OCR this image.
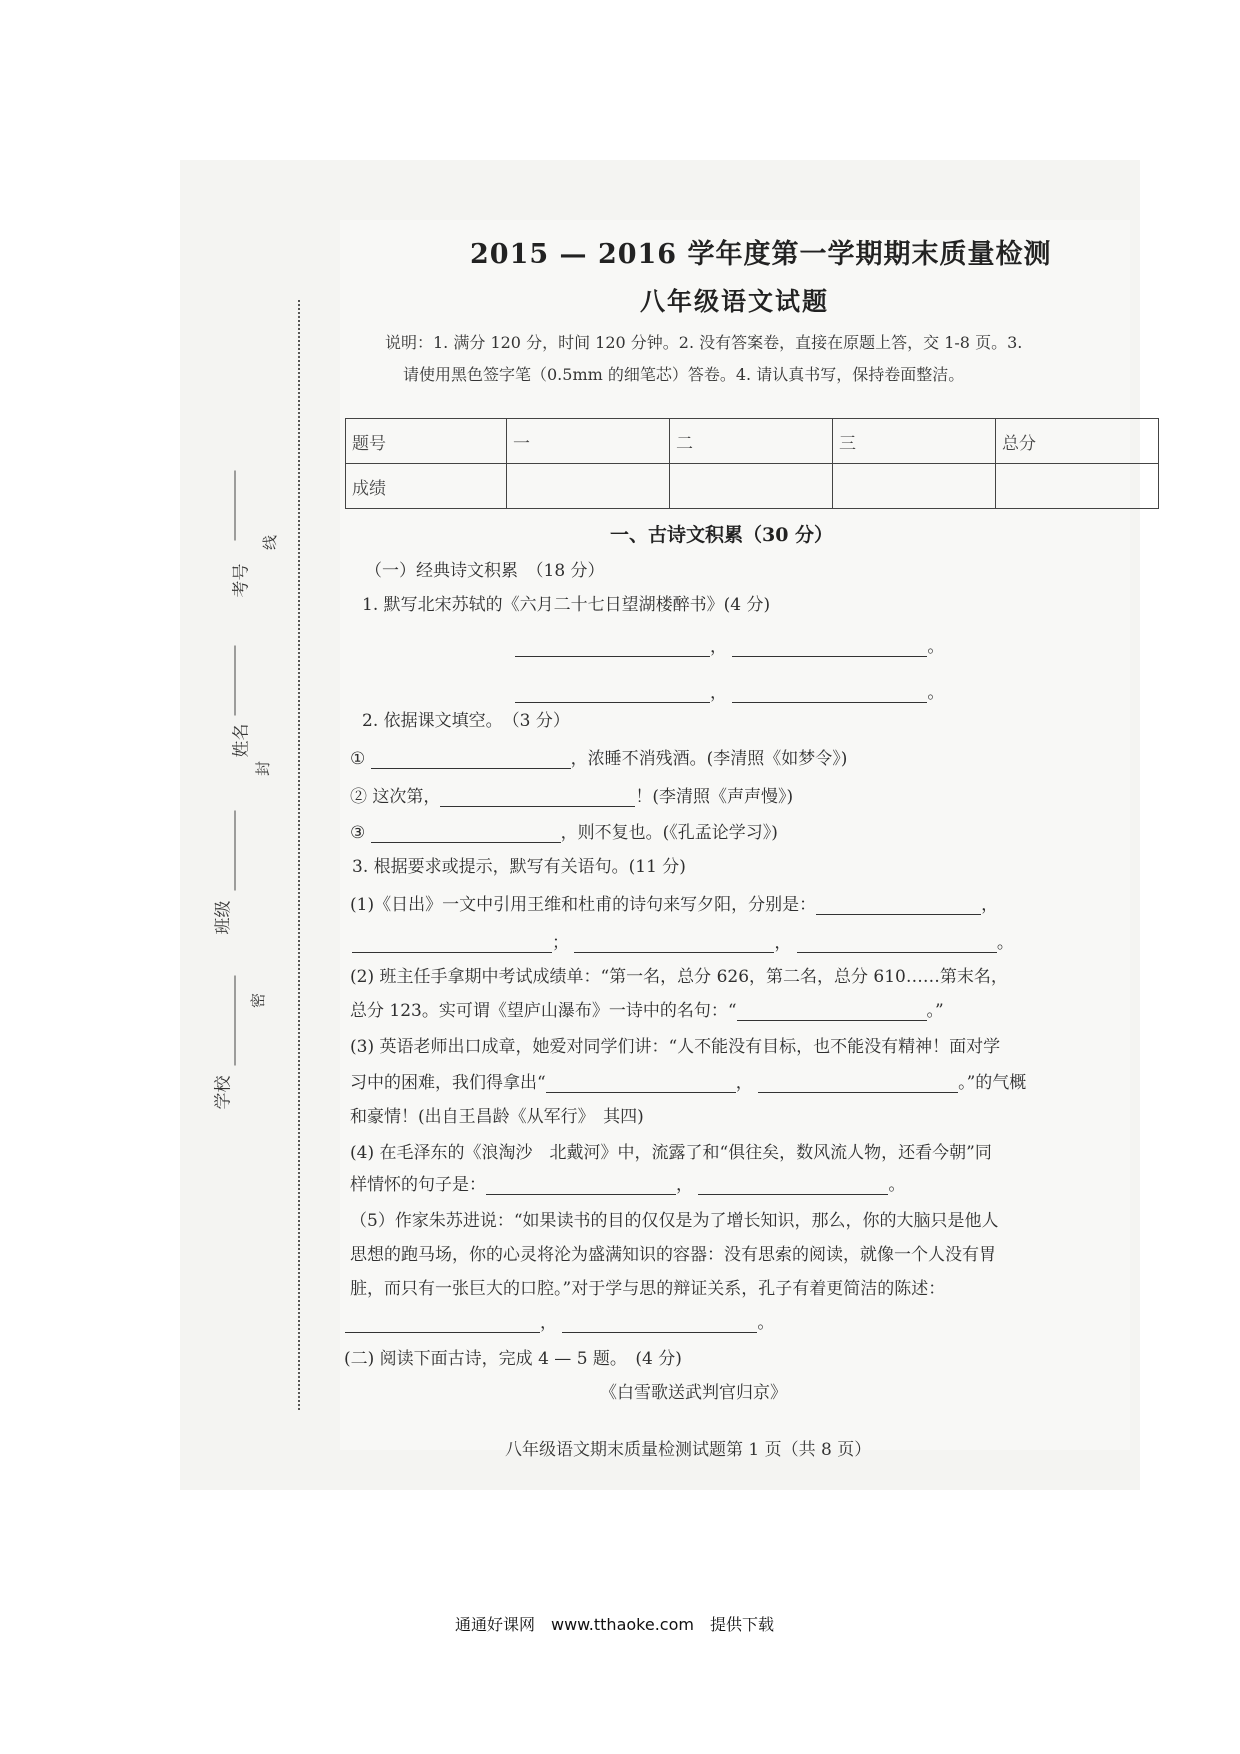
线
封
密
考号
姓名
班级
学校
2015 — 2016 学年度第一学期期末质量检测
八年级语文试题
说明：1. 满分 120 分，时间 120 分钟。2. 没有答案卷，直接在原题上答，交 1-8 页。3.
请使用黑色签字笔（0.5mm 的细笔芯）答卷。4. 请认真书写，保持卷面整洁。
题号	一	二	三	总分
成绩				
一、古诗文积累（30 分）
（一）经典诗文积累　（18 分）
1. 默写北宋苏轼的《六月二十七日望湖楼醉书》(4 分)
，	。
，	。
2. 依据课文填空。　（3 分）
①	，浓睡不消残酒。(李清照《如梦令》)
② 这次第，	！(李清照《声声慢》)
③	，则不复也。(《孔孟论学习》)
3. 根据要求或提示，默写有关语句。(11 分)
(1)《日出》一文中引用王维和杜甫的诗句来写夕阳，分别是：	，
；	，	。
(2) 班主任手拿期中考试成绩单：“第一名，总分 626，第二名，总分 610……第末名，
总分 123。实可谓《望庐山瀑布》一诗中的名句：“	。”
(3) 英语老师出口成章，她爱对同学们讲：“人不能没有目标，也不能没有精神！面对学
习中的困难，我们得拿出“	，	。”的气概
和豪情！(出自王昌龄《从军行》　其四)
(4) 在毛泽东的《浪淘沙　北戴河》中，流露了和“俱往矣，数风流人物，还看今朝”同
样情怀的句子是：	，	。
（5）作家朱苏进说：“如果读书的目的仅仅是为了增长知识，那么，你的大脑只是他人
思想的跑马场，你的心灵将沦为盛满知识的容器：没有思索的阅读，就像一个人没有胃
脏，而只有一张巨大的口腔。”对于学与思的辩证关系，孔子有着更简洁的陈述：
，	。
(二) 阅读下面古诗，完成 4 — 5 题。　(4 分)
《白雪歌送武判官归京》
八年级语文期末质量检测试题第 1 页（共 8 页）
通通好课网　www.tthaoke.com　提供下载
